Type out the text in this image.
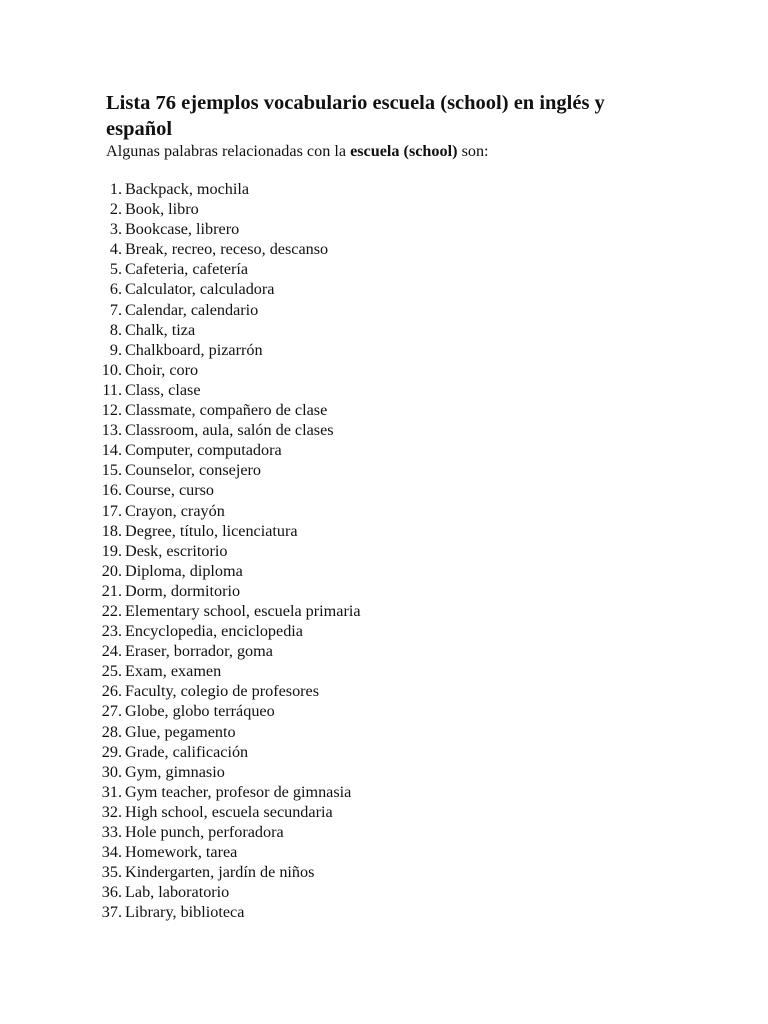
Lista 76 ejemplos vocabulario escuela (school) en inglés y español

Algunas palabras relacionadas con la escuela (school) son:

1. Backpack, mochila
2. Book, libro
3. Bookcase, librero
4. Break, recreo, receso, descanso
5. Cafeteria, cafetería
6. Calculator, calculadora
7. Calendar, calendario
8. Chalk, tiza
9. Chalkboard, pizarrón
10. Choir, coro
11. Class, clase
12. Classmate, compañero de clase
13. Classroom, aula, salón de clases
14. Computer, computadora
15. Counselor, consejero
16. Course, curso
17. Crayon, crayón
18. Degree, título, licenciatura
19. Desk, escritorio
20. Diploma, diploma
21. Dorm, dormitorio
22. Elementary school, escuela primaria
23. Encyclopedia, enciclopedia
24. Eraser, borrador, goma
25. Exam, examen
26. Faculty, colegio de profesores
27. Globe, globo terráqueo
28. Glue, pegamento
29. Grade, calificación
30. Gym, gimnasio
31. Gym teacher, profesor de gimnasia
32. High school, escuela secundaria
33. Hole punch, perforadora
34. Homework, tarea
35. Kindergarten, jardín de niños
36. Lab, laboratorio
37. Library, biblioteca
